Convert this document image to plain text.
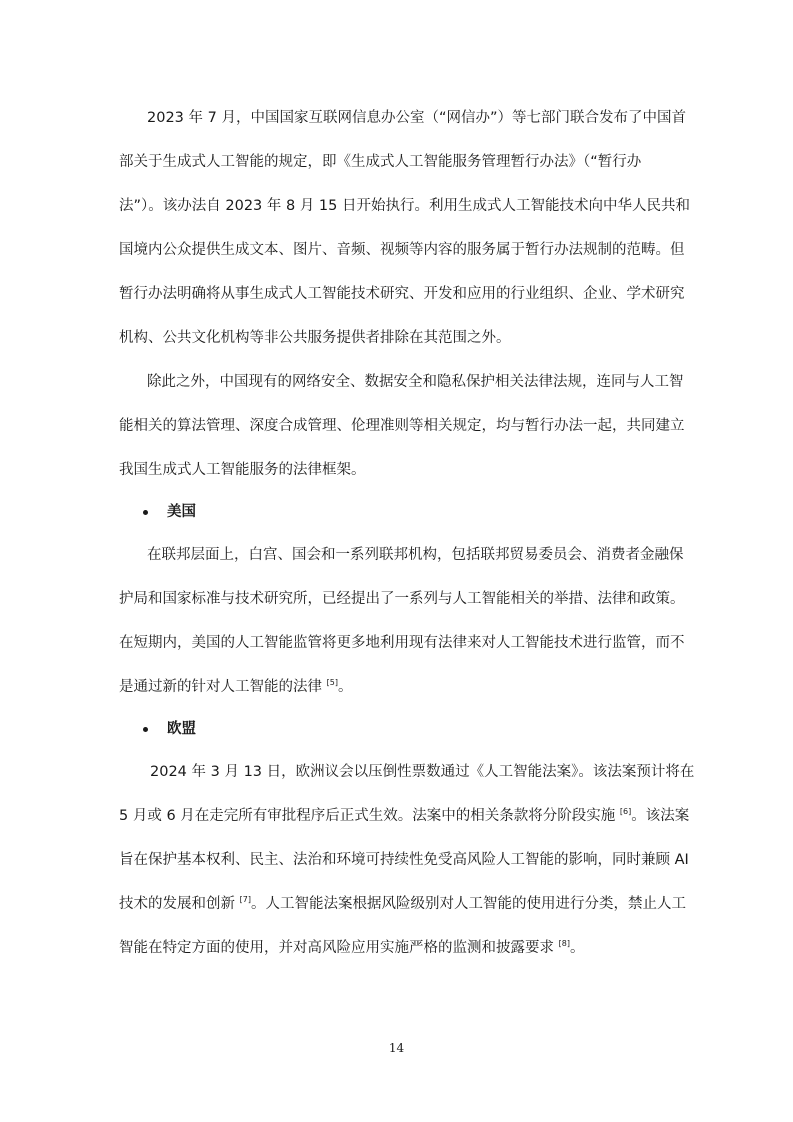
2023 年 7 月，中国国家互联网信息办公室（“网信办”）等七部门联合发布了中国首
部关于生成式人工智能的规定，即《生成式人工智能服务管理暂行办法》（“暂行办
法”）。该办法自 2023 年 8 月 15 日开始执行。利用生成式人工智能技术向中华人民共和
国境内公众提供生成文本、图片、音频、视频等内容的服务属于暂行办法规制的范畴。但
暂行办法明确将从事生成式人工智能技术研究、开发和应用的行业组织、企业、学术研究
机构、公共文化机构等非公共服务提供者排除在其范围之外。
除此之外，中国现有的网络安全、数据安全和隐私保护相关法律法规，连同与人工智
能相关的算法管理、深度合成管理、伦理准则等相关规定，均与暂行办法一起，共同建立
我国生成式人工智能服务的法律框架。
美国
在联邦层面上，白宫、国会和一系列联邦机构，包括联邦贸易委员会、消费者金融保
护局和国家标准与技术研究所，已经提出了一系列与人工智能相关的举措、法律和政策。
在短期内，美国的人工智能监管将更多地利用现有法律来对人工智能技术进行监管，而不
是通过新的针对人工智能的法律 [5]。
欧盟
2024 年 3 月 13 日，欧洲议会以压倒性票数通过《人工智能法案》。该法案预计将在
5 月或 6 月在走完所有审批程序后正式生效。法案中的相关条款将分阶段实施 [6]。该法案
旨在保护基本权利、民主、法治和环境可持续性免受高风险人工智能的影响，同时兼顾 AI
技术的发展和创新 [7]。人工智能法案根据风险级别对人工智能的使用进行分类，禁止人工
智能在特定方面的使用，并对高风险应用实施严格的监测和披露要求 [8]。
14
